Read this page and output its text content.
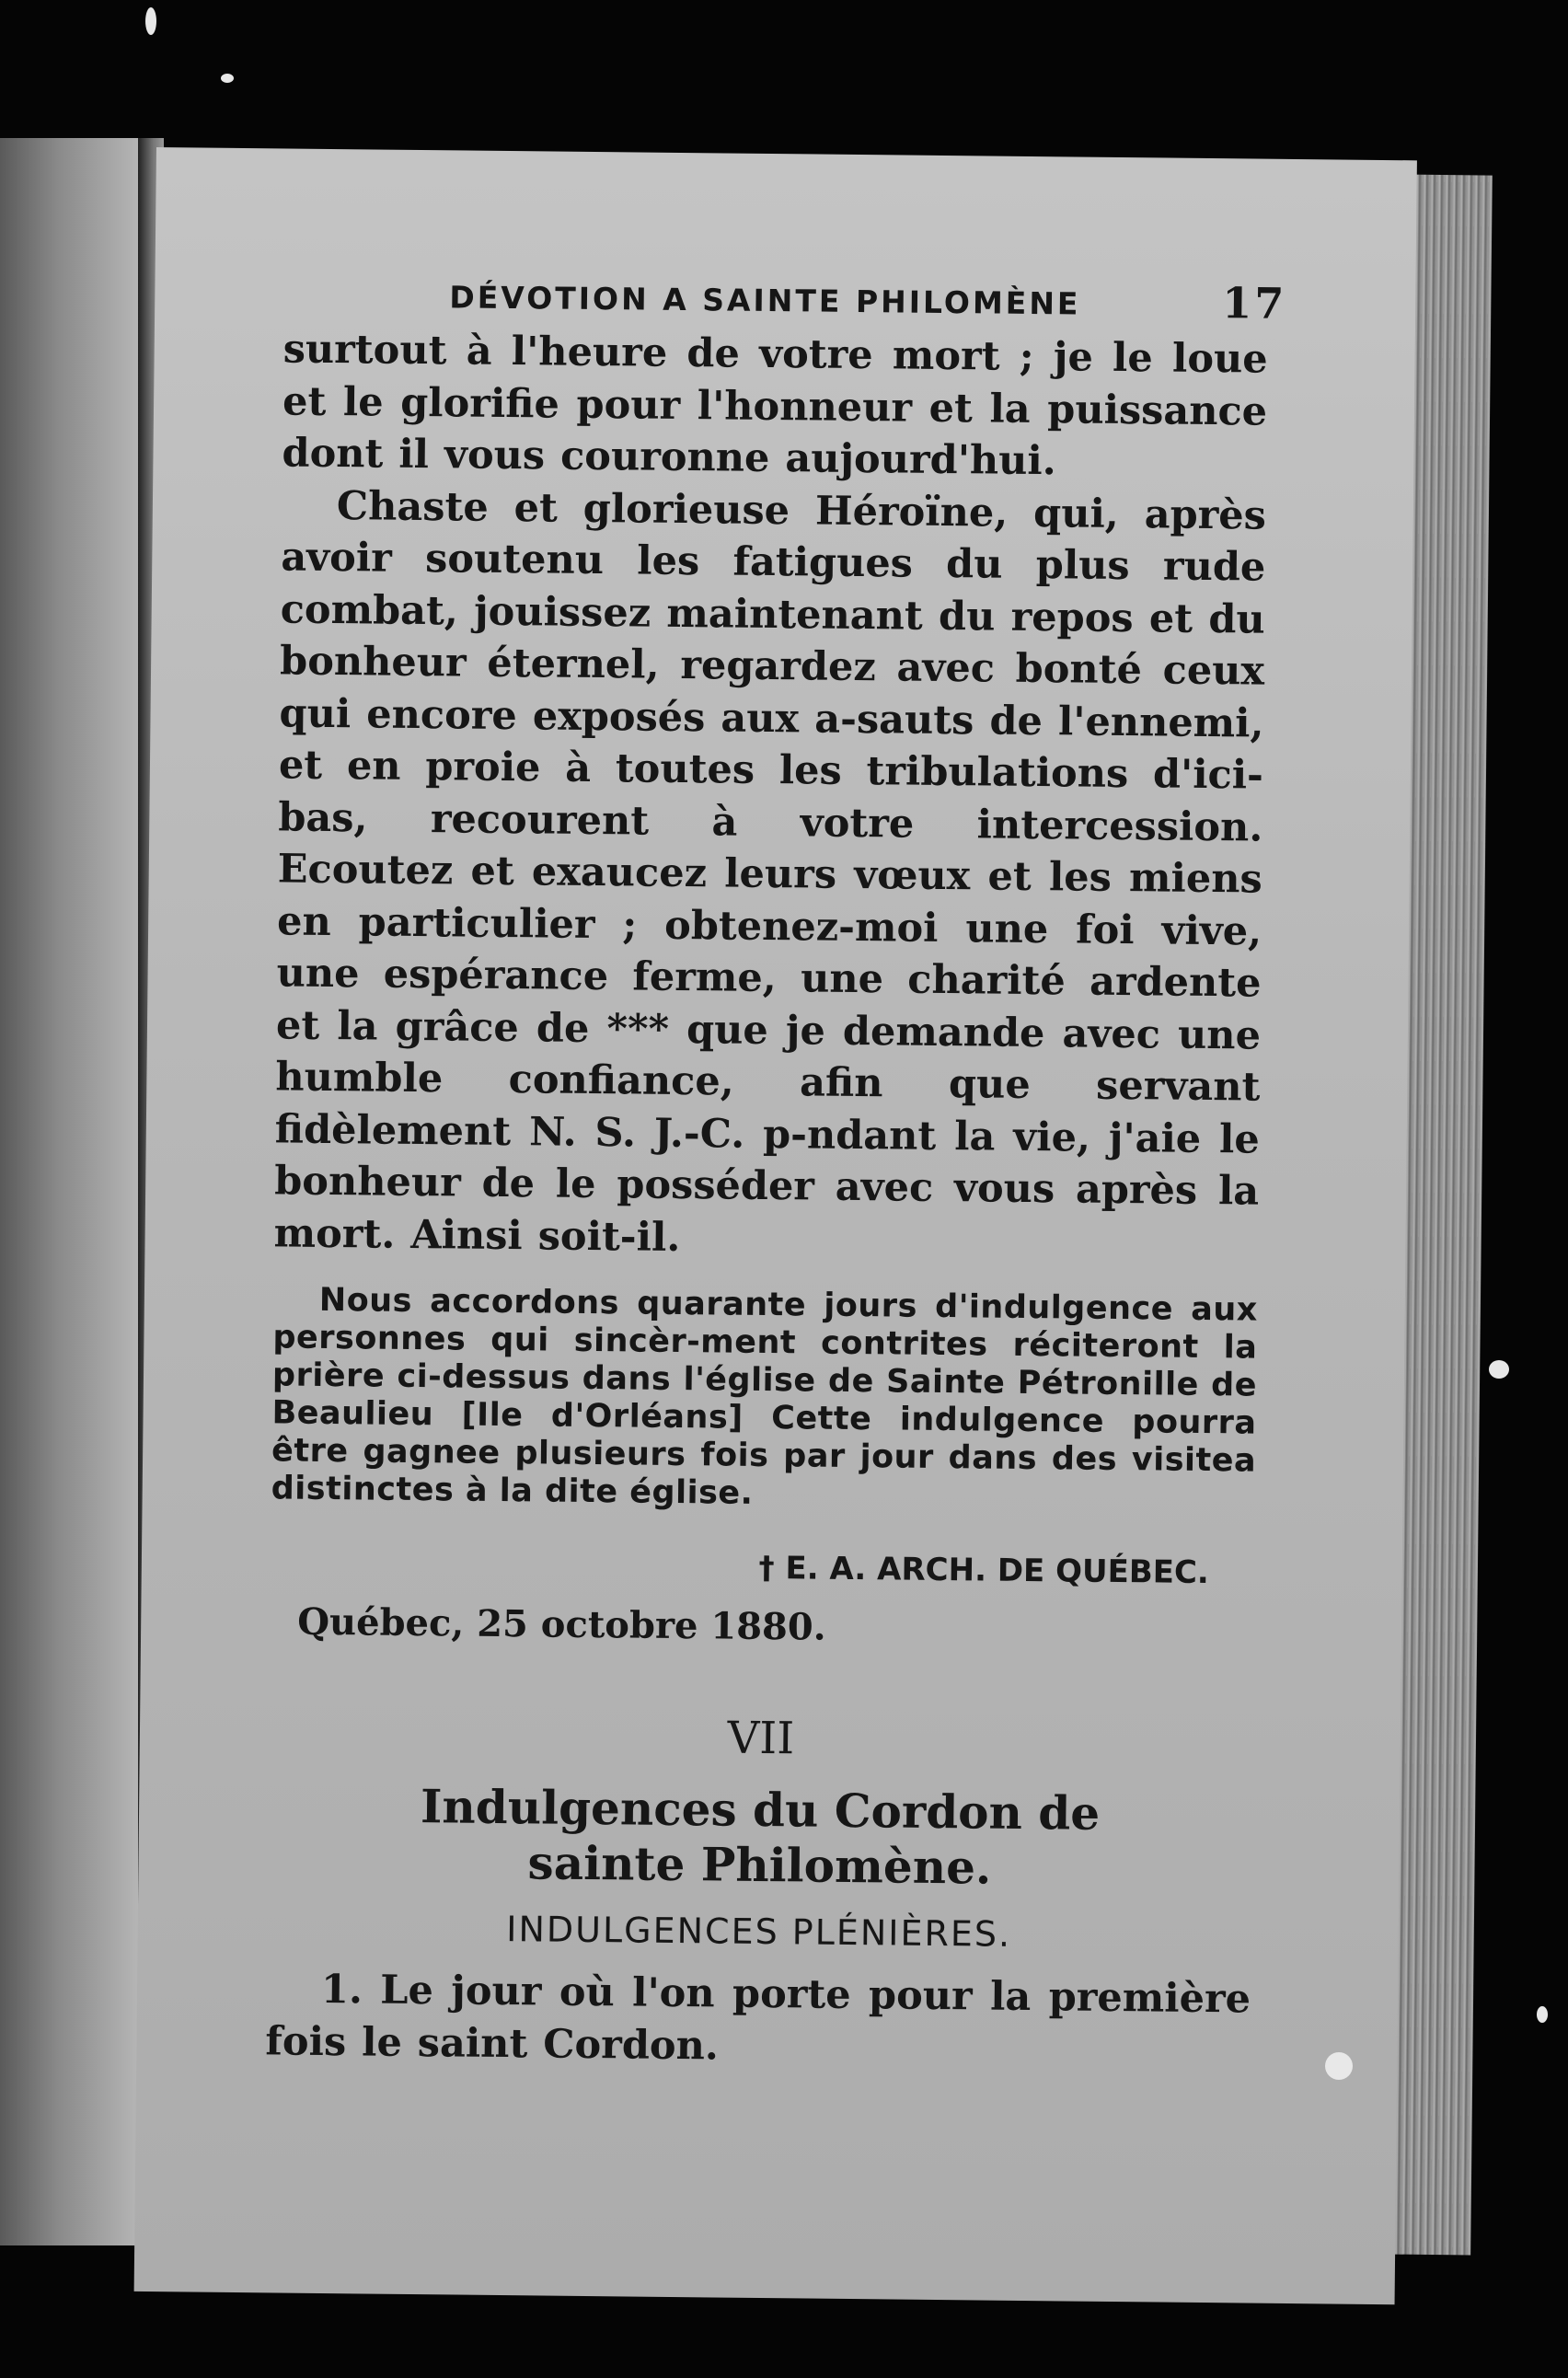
DÉVOTION A SAINTE PHILOMÈNE	17

surtout à l'heure de votre mort ; je le loue et le glorifie pour l'honneur et la puissance dont il vous couronne aujourd'hui.

Chaste et glorieuse Héroïne, qui, après avoir soutenu les fatigues du plus rude combat, jouissez maintenant du repos et du bonheur éternel, regardez avec bonté ceux qui encore exposés aux a-sauts de l'ennemi, et en proie à toutes les tribulations d'ici-bas, recourent à votre intercession. Ecoutez et exaucez leurs vœux et les miens en particulier ; obtenez-moi une foi vive, une espérance ferme, une charité ardente et la grâce de *** que je demande avec une humble confiance, afin que servant fidèlement N. S. J.-C. p-ndant la vie, j'aie le bonheur de le posséder avec vous après la mort. Ainsi soit-il.

Nous accordons quarante jours d'indulgence aux personnes qui sincèr-ment contrites réciteront la prière ci-dessus dans l'église de Sainte Pétronille de Beaulieu [Ile d'Orléans] Cette indulgence pourra être gagnee plusieurs fois par jour dans des visitea distinctes à la dite église.

† E. A. ARCH. DE QUÉBEC.
Québec, 25 octobre 1880.
VII
Indulgences du Cordon de
sainte Philomène.
INDULGENCES PLÉNIÈRES.

1. Le jour où l'on porte pour la première fois le saint Cordon.
